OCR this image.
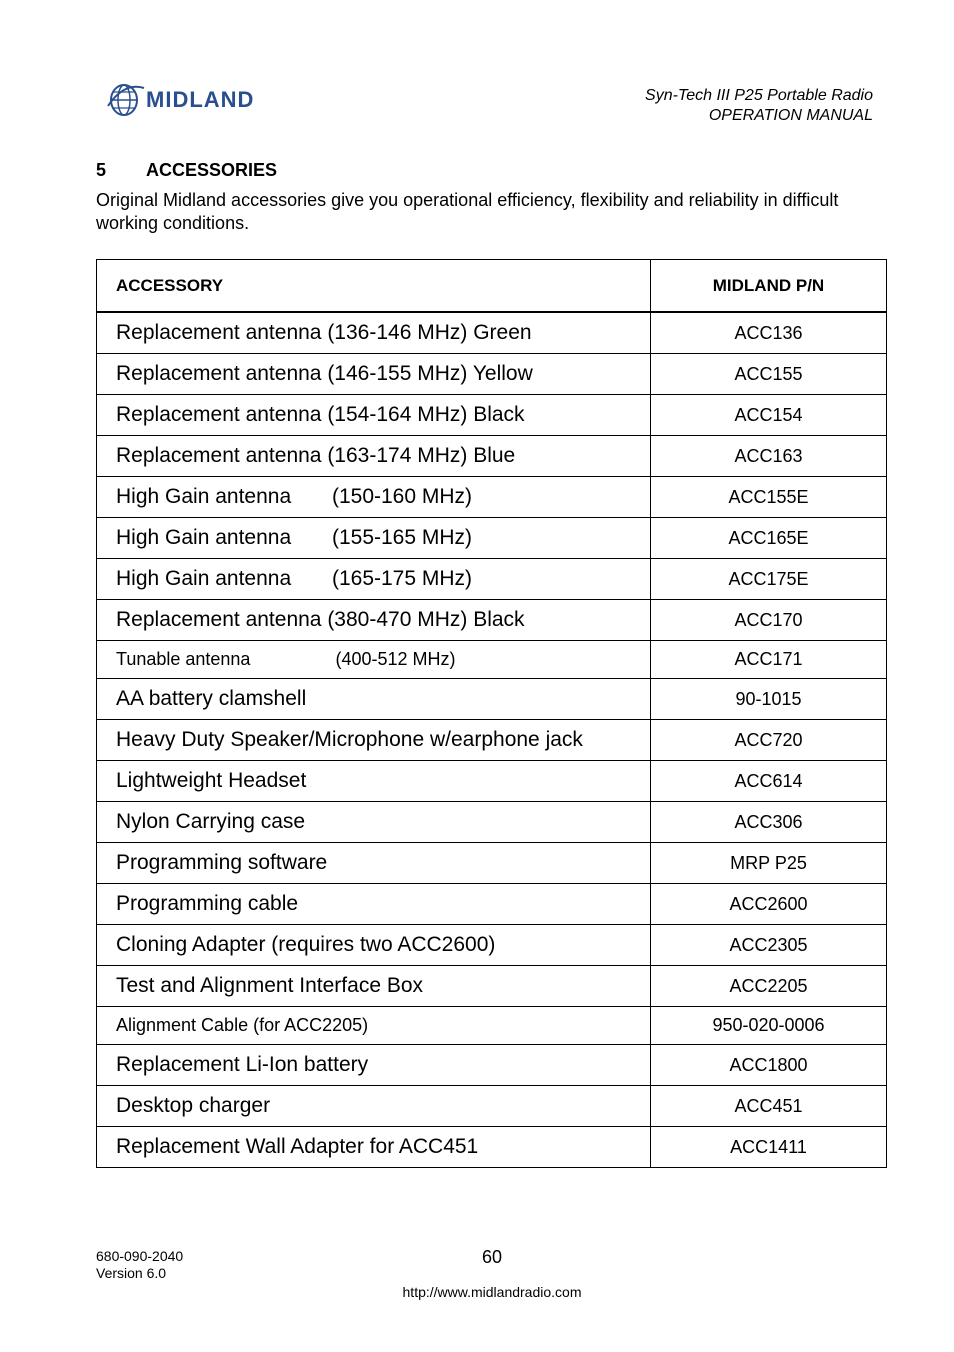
MIDLAND	Syn-Tech III P25 Portable Radio
OPERATION MANUAL
5 ACCESSORIES
Original Midland accessories give you operational efficiency, flexibility and reliability in difficult working conditions.
ACCESSORY	MIDLAND P/N
Replacement antenna (136-146 MHz) Green	ACC136
Replacement antenna (146-155 MHz) Yellow	ACC155
Replacement antenna (154-164 MHz) Black	ACC154
Replacement antenna (163-174 MHz) Blue	ACC163
High Gain antenna       (150-160 MHz)	ACC155E
High Gain antenna       (155-165 MHz)	ACC165E
High Gain antenna       (165-175 MHz)	ACC175E
Replacement antenna (380-470 MHz) Black	ACC170
Tunable antenna                 (400-512 MHz)	ACC171
AA battery clamshell	90-1015
Heavy Duty Speaker/Microphone w/earphone jack	ACC720
Lightweight Headset	ACC614
Nylon Carrying case	ACC306
Programming software	MRP P25
Programming cable	ACC2600
Cloning Adapter (requires two ACC2600)	ACC2305
Test and Alignment Interface Box	ACC2205
Alignment Cable (for ACC2205)	950-020-0006
Replacement Li-Ion battery	ACC1800
Desktop charger	ACC451
Replacement Wall Adapter for ACC451	ACC1411
680-090-2040
Version 6.0
60
http://www.midlandradio.com
